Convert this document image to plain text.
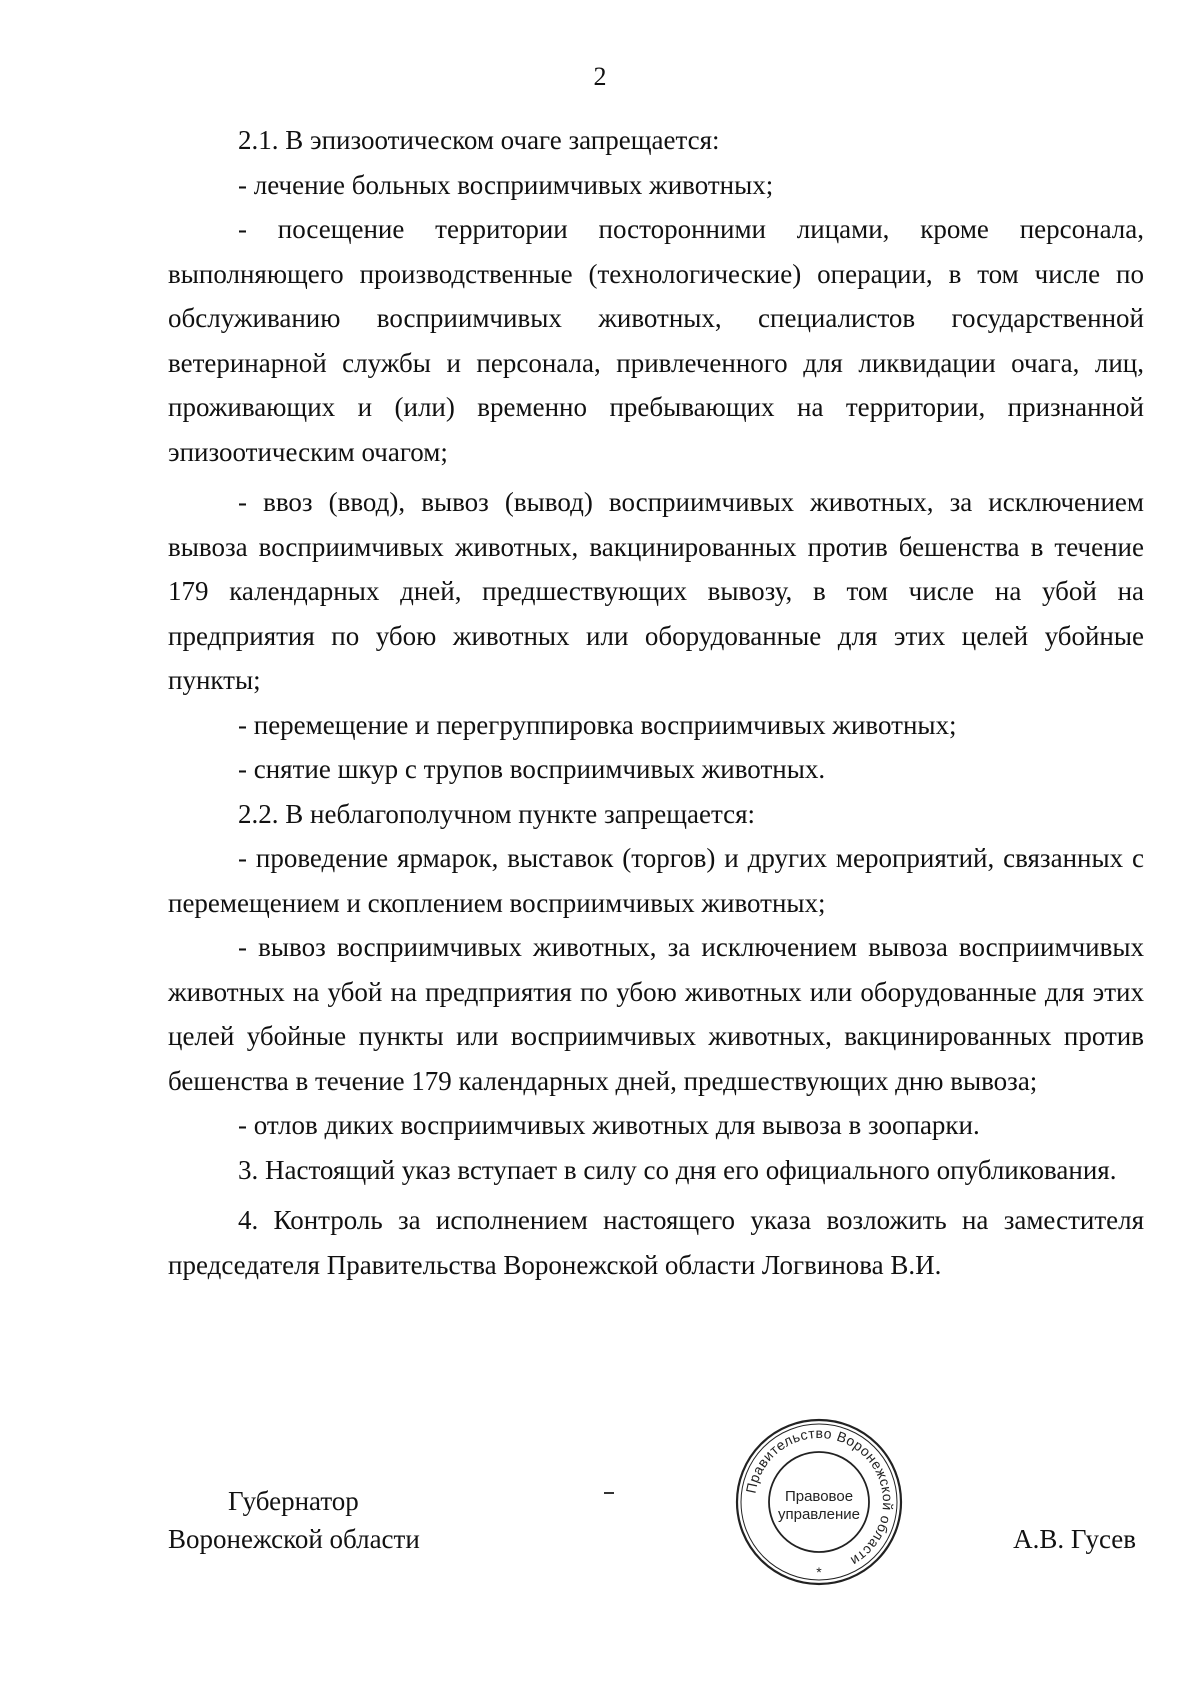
2

2.1. В эпизоотическом очаге запрещается:

- лечение больных восприимчивых животных;

- посещение территории посторонними лицами, кроме персонала, выполняющего производственные (технологические) операции, в том числе по обслуживанию восприимчивых животных, специалистов государственной ветеринарной службы и персонала, привлеченного для ликвидации очага, лиц, проживающих и (или) временно пребывающих на территории, признанной эпизоотическим очагом;

- ввоз (ввод), вывоз (вывод) восприимчивых животных, за исключением вывоза восприимчивых животных, вакцинированных против бешенства в течение 179 календарных дней, предшествующих вывозу, в том числе на убой на предприятия по убою животных или оборудованные для этих целей убойные пункты;

- перемещение и перегруппировка восприимчивых животных;

- снятие шкур с трупов восприимчивых животных.

2.2. В неблагополучном пункте запрещается:

- проведение ярмарок, выставок (торгов) и других мероприятий, связанных с перемещением и скоплением восприимчивых животных;

- вывоз восприимчивых животных, за исключением вывоза восприимчивых животных на убой на предприятия по убою животных или оборудованные для этих целей убойные пункты или восприимчивых животных, вакцинированных против бешенства в течение 179 календарных дней, предшествующих дню вывоза;

- отлов диких восприимчивых животных для вывоза в зоопарки.

3. Настоящий указ вступает в силу со дня его официального опубликования.

4. Контроль за исполнением настоящего указа возложить на заместителя председателя Правительства Воронежской области Логвинова В.И.

Губернатор
Воронежской области
Правительство Воронежской области
Правовое
управление
*
А.В. Гусев
